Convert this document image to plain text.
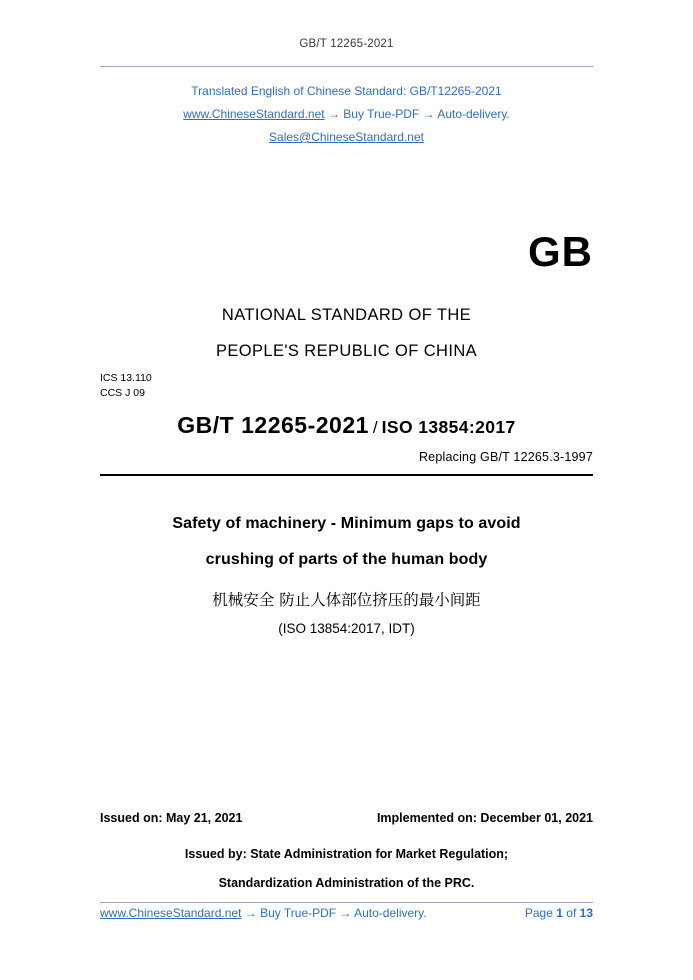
GB/T 12265-2021
Translated English of Chinese Standard: GB/T12265-2021
www.ChineseStandard.net → Buy True-PDF → Auto-delivery.
Sales@ChineseStandard.net
GB
NATIONAL STANDARD OF THE
PEOPLE'S REPUBLIC OF CHINA
ICS 13.110
CCS J 09
GB/T 12265-2021 / ISO 13854:2017
Replacing GB/T 12265.3-1997
Safety of machinery - Minimum gaps to avoid
crushing of parts of the human body
机械安全 防止人体部位挤压的最小间距
(ISO 13854:2017, IDT)
Issued on: May 21, 2021	Implemented on: December 01, 2021
Issued by: State Administration for Market Regulation;
Standardization Administration of the PRC.
www.ChineseStandard.net → Buy True-PDF → Auto-delivery.	Page 1 of 13
